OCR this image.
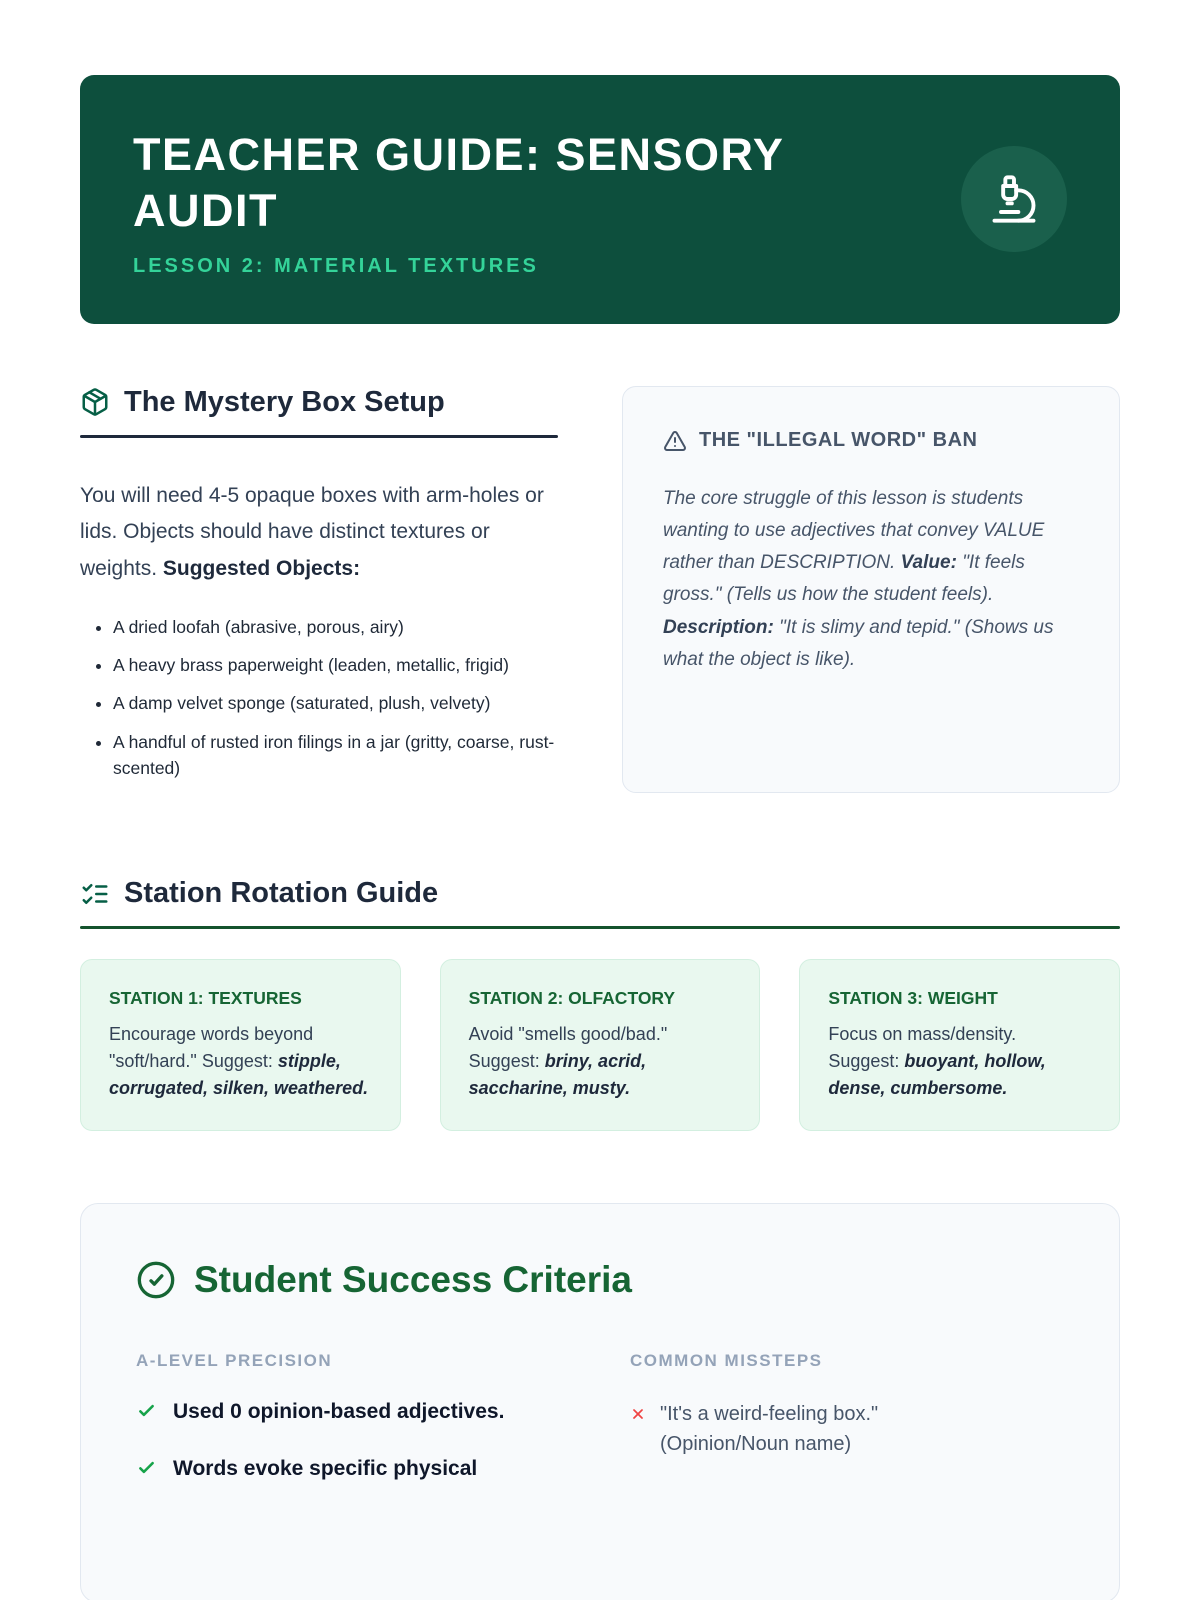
TEACHER GUIDE: SENSORY AUDIT
LESSON 2: MATERIAL TEXTURES
The Mystery Box Setup

You will need 4-5 opaque boxes with arm-holes or lids. Objects should have distinct textures or weights. Suggested Objects:

• A dried loofah (abrasive, porous, airy)
• A heavy brass paperweight (leaden, metallic, frigid)
• A damp velvet sponge (saturated, plush, velvety)
• A handful of rusted iron filings in a jar (gritty, coarse, rust-scented)
THE "ILLEGAL WORD" BAN

The core struggle of this lesson is students wanting to use adjectives that convey VALUE rather than DESCRIPTION. Value: "It feels gross." (Tells us how the student feels). Description: "It is slimy and tepid." (Shows us what the object is like).

Station Rotation Guide
STATION 1: TEXTURES

Encourage words beyond "soft/hard." Suggest: stipple, corrugated, silken, weathered.

STATION 2: OLFACTORY

Avoid "smells good/bad." Suggest: briny, acrid, saccharine, musty.

STATION 3: WEIGHT

Focus on mass/density. Suggest: buoyant, hollow, dense, cumbersome.

Student Success Criteria
A-LEVEL PRECISION
Used 0 opinion-based adjectives.
Words evoke specific physical
COMMON MISSTEPS
"It's a weird-feeling box." (Opinion/Noun name)
